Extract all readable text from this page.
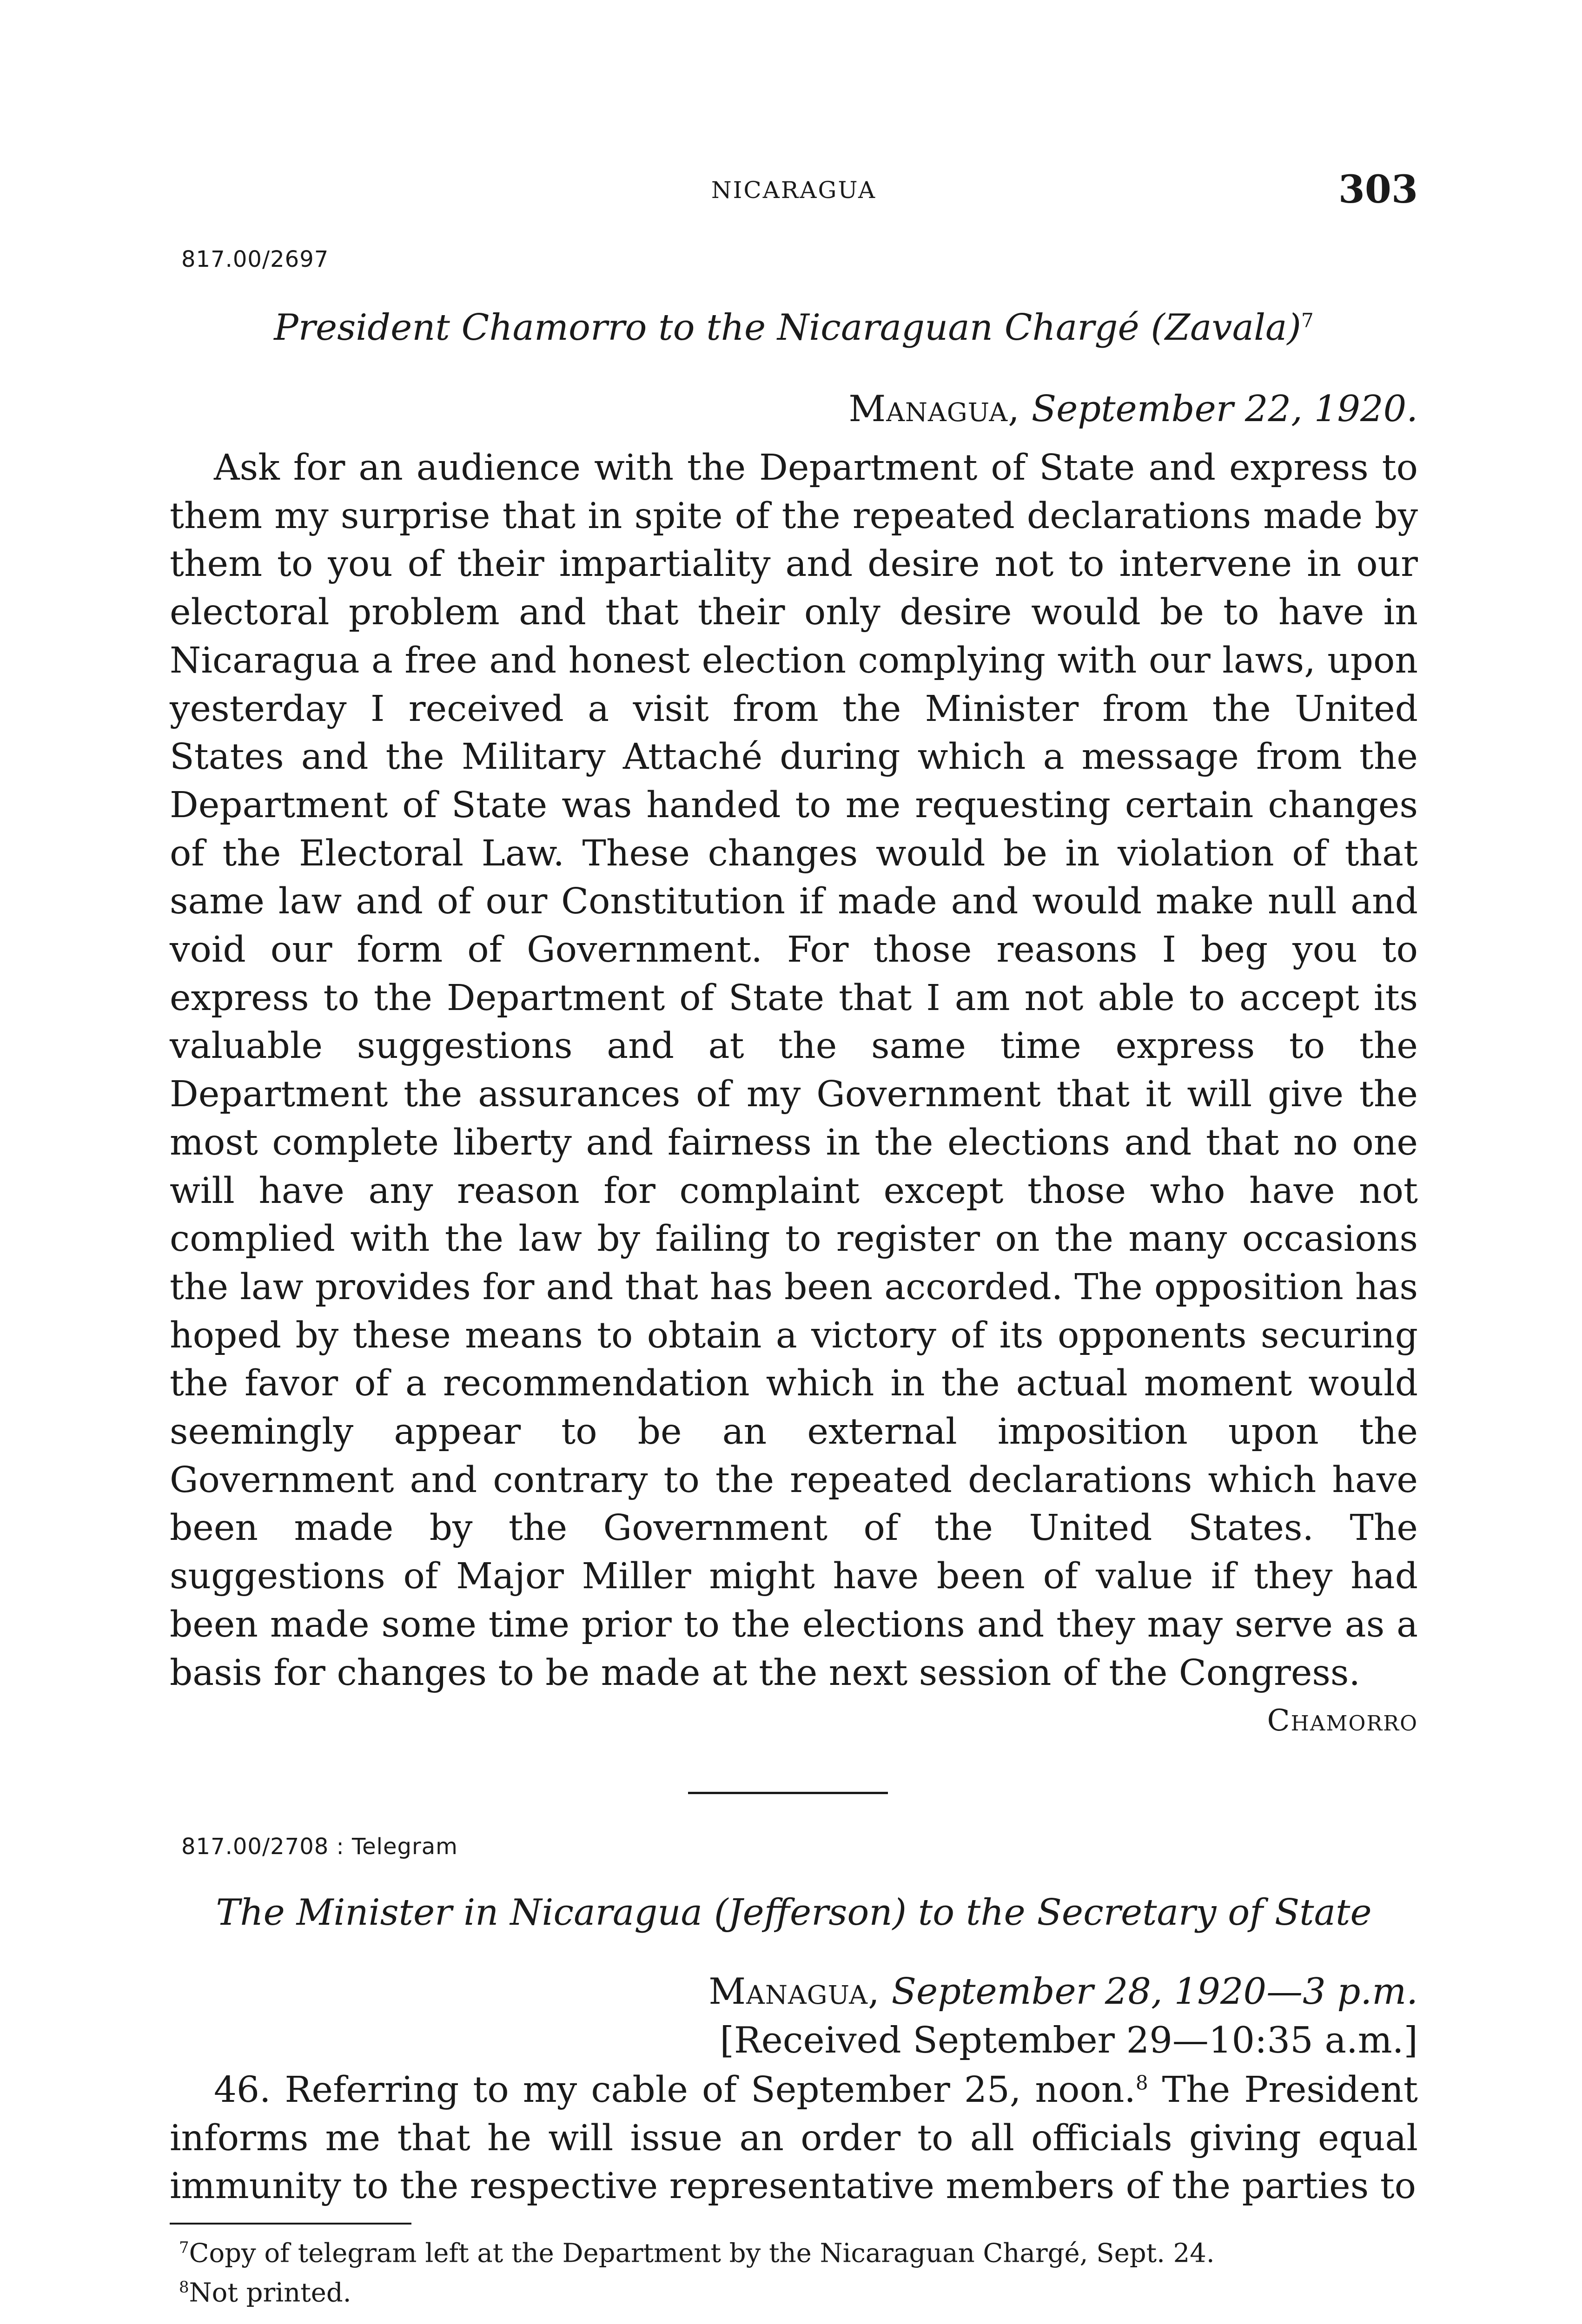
NICARAGUA	303
817.00/2697
President Chamorro to the Nicaraguan Chargé (Zavala)$^7$
Managua, September 22, 1920.

Ask for an audience with the Department of State and express to them my surprise that in spite of the repeated declarations made by them to you of their impartiality and desire not to intervene in our electoral problem and that their only desire would be to have in Nicaragua a free and honest election complying with our laws, upon yesterday I received a visit from the Minister from the United States and the Military Attaché during which a message from the Department of State was handed to me requesting certain changes of the Electoral Law. These changes would be in violation of that same law and of our Constitution if made and would make null and void our form of Government. For those reasons I beg you to express to the Department of State that I am not able to accept its valuable suggestions and at the same time express to the Department the assurances of my Government that it will give the most complete liberty and fairness in the elections and that no one will have any reason for complaint except those who have not complied with the law by failing to register on the many occasions the law provides for and that has been accorded. The opposition has hoped by these means to obtain a victory of its opponents securing the favor of a recommendation which in the actual moment would seemingly appear to be an external imposition upon the Government and contrary to the repeated declarations which have been made by the Government of the United States. The suggestions of Major Miller might have been of value if they had been made some time prior to the elections and they may serve as a basis for changes to be made at the next session of the Congress.

Chamorro
817.00/2708 : Telegram
The Minister in Nicaragua (Jefferson) to the Secretary of State
Managua, September 28, 1920—3 p.m.
[Received September 29—10:35 a.m.]

46. Referring to my cable of September 25, noon.$^8$ The President informs me that he will issue an order to all officials giving equal immunity to the respective representative members of the parties to

$^7$Copy of telegram left at the Department by the Nicaraguan Chargé, Sept. 24.
$^8$Not printed.
